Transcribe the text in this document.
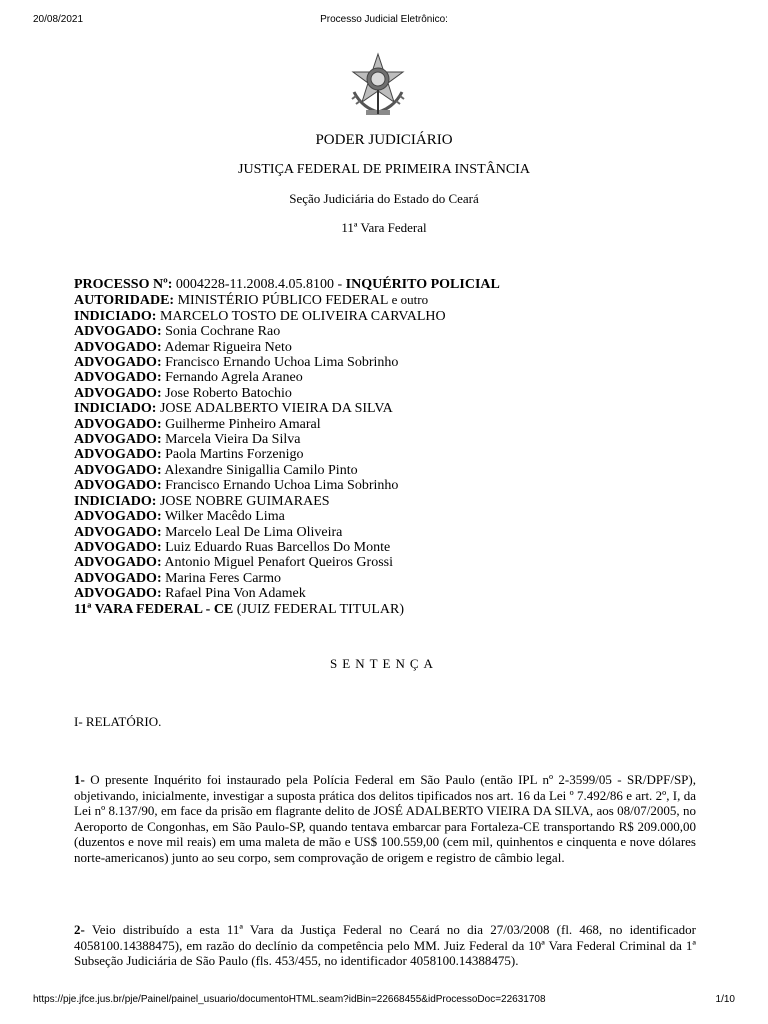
20/08/2021	Processo Judicial Eletrônico:
PODER JUDICIÁRIO
JUSTIÇA FEDERAL DE PRIMEIRA INSTÂNCIA
Seção Judiciária do Estado do Ceará
11ª Vara Federal
PROCESSO Nº: 0004228-11.2008.4.05.8100 - INQUÉRITO POLICIAL
AUTORIDADE: MINISTÉRIO PÚBLICO FEDERAL e outro
INDICIADO: MARCELO TOSTO DE OLIVEIRA CARVALHO
ADVOGADO: Sonia Cochrane Rao
ADVOGADO: Ademar Rigueira Neto
ADVOGADO: Francisco Ernando Uchoa Lima Sobrinho
ADVOGADO: Fernando Agrela Araneo
ADVOGADO: Jose Roberto Batochio
INDICIADO: JOSE ADALBERTO VIEIRA DA SILVA
ADVOGADO: Guilherme Pinheiro Amaral
ADVOGADO: Marcela Vieira Da Silva
ADVOGADO: Paola Martins Forzenigo
ADVOGADO: Alexandre Sinigallia Camilo Pinto
ADVOGADO: Francisco Ernando Uchoa Lima Sobrinho
INDICIADO: JOSE NOBRE GUIMARAES
ADVOGADO: Wilker Macêdo Lima
ADVOGADO: Marcelo Leal De Lima Oliveira
ADVOGADO: Luiz Eduardo Ruas Barcellos Do Monte
ADVOGADO: Antonio Miguel Penafort Queiros Grossi
ADVOGADO: Marina Feres Carmo
ADVOGADO: Rafael Pina Von Adamek
11ª VARA FEDERAL - CE (JUIZ FEDERAL TITULAR)
SENTENÇA
I- RELATÓRIO.
1- O presente Inquérito foi instaurado pela Polícia Federal em São Paulo (então IPL nº 2-3599/05 - SR/DPF/SP), objetivando, inicialmente, investigar a suposta prática dos delitos tipificados nos art. 16 da Lei º 7.492/86 e art. 2º, I, da Lei nº 8.137/90, em face da prisão em flagrante delito de JOSÉ ADALBERTO VIEIRA DA SILVA, aos 08/07/2005, no Aeroporto de Congonhas, em São Paulo-SP, quando tentava embarcar para Fortaleza-CE transportando R$ 209.000,00 (duzentos e nove mil reais) em uma maleta de mão e US$ 100.559,00 (cem mil, quinhentos e cinquenta e nove dólares norte-americanos) junto ao seu corpo, sem comprovação de origem e registro de câmbio legal.
2- Veio distribuído a esta 11ª Vara da Justiça Federal no Ceará no dia 27/03/2008 (fl. 468, no identificador 4058100.14388475), em razão do declínio da competência pelo MM. Juiz Federal da 10ª Vara Federal Criminal da 1ª Subseção Judiciária de São Paulo (fls. 453/455, no identificador 4058100.14388475).
https://pje.jfce.jus.br/pje/Painel/painel_usuario/documentoHTML.seam?idBin=22668455&idProcessoDoc=22631708	1/10
